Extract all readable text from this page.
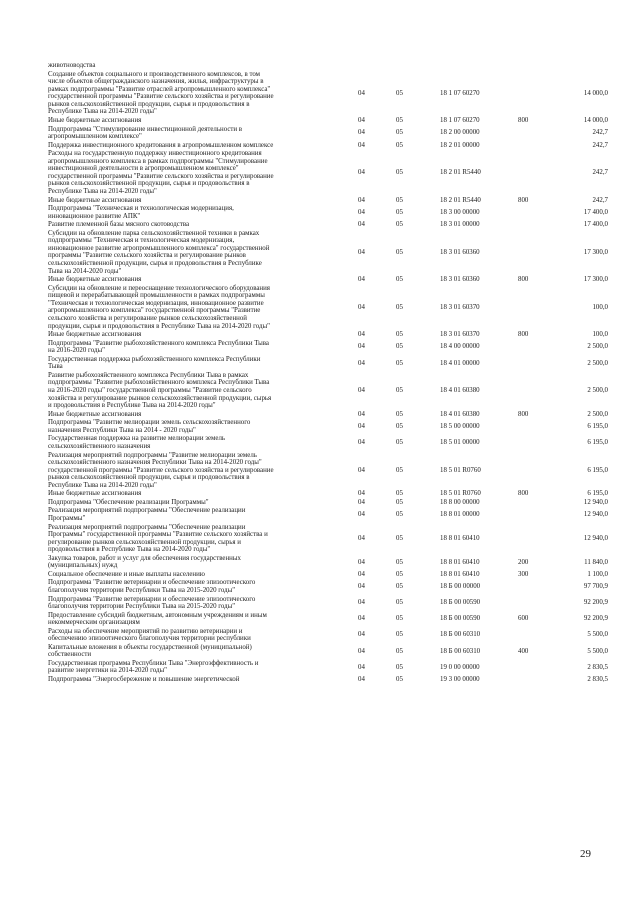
животноводства
Создание объектов социального и производственного комплексов, в том
числе объектов общегражданского назначения, жилья, инфраструктуры в
рамках подпрограммы "Развитие отраслей агропромышленного комплекса"
государственной программы "Развитие сельского хозяйства и регулирование
рынков сельскохозяйственной продукции, сырья и продовольствия в
Республике Тыва на 2014-2020 годы"
04	05	18 1 07 60270	14 000,0
Иные бюджетные ассигнования	04	05	18 1 07 60270	800	14 000,0
Подпрограмма "Стимулирование инвестиционной деятельности в
агропромышленном комплексе"
04	05	18 2 00 00000	242,7
Поддержка инвестиционного кредитования в агропромышленном комплексе	04	05	18 2 01 00000	242,7
Расходы на государственную поддержку инвестиционного кредитования
агропромышленного комплекса в рамках подпрограммы "Стимулирование
инвестиционной деятельности в агропромышленном комплексе"
государственной программы "Развитие сельского хозяйства и регулирование
рынков сельскохозяйственной продукции, сырья и продовольствия в
Республике Тыва на 2014-2020 годы"
04	05	18 2 01 R5440	242,7
Иные бюджетные ассигнования	04	05	18 2 01 R5440	800	242,7
Подпрограмма "Техническая и технологическая модернизация,
инновационное развитие АПК"
04	05	18 3 00 00000	17 400,0
Развитие племенной базы мясного скотоводства	04	05	18 3 01 00000	17 400,0
Субсидии на обновление парка сельскохозяйственной техники в рамках
подпрограммы "Техническая и технологическая модернизация,
инновационное развитие агропромышленного комплекса" государственной
программы "Развитие сельского хозяйства и регулирование рынков
сельскохозяйственной продукции, сырья и продовольствия в Республике
Тыва на 2014-2020 годы"
04	05	18 3 01 60360	17 300,0
Иные бюджетные ассигнования	04	05	18 3 01 60360	800	17 300,0
Субсидии на обновление и переоснащение технологического оборудования
пищевой и перерабатывающей промышленности в рамках подпрограммы
"Техническая и технологическая модернизация, инновационное развитие
агропромышленного комплекса" государственной программы "Развитие
сельского хозяйства и регулирование рынков сельскохозяйственной
продукции, сырья и продовольствия в Республике Тыва на 2014-2020 годы"
04	05	18 3 01 60370	100,0
Иные бюджетные ассигнования	04	05	18 3 01 60370	800	100,0
Подпрограмма "Развитие рыбохозяйственного комплекса Республики Тыва
на 2016-2020 годы"
04	05	18 4 00 00000	2 500,0
Государственная поддержка рыбохозяйственного комплекса Республики
Тыва
04	05	18 4 01 00000	2 500,0
Развитие рыбохозяйственного комплекса Республики Тыва в рамках
подпрограммы "Развитие рыбохозяйственного комплекса Республики Тыва
на 2016-2020 годы" государственной программы "Развитие сельского
хозяйства и регулирование рынков сельскохозяйственной продукции, сырья
и продовольствия в Республике Тыва на 2014-2020 годы"
04	05	18 4 01 60380	2 500,0
Иные бюджетные ассигнования	04	05	18 4 01 60380	800	2 500,0
Подпрограмма "Развитие мелиорации земель сельскохозяйственного
назначения Республики Тыва на 2014 - 2020 годы"
04	05	18 5 00 00000	6 195,0
Государственная поддержка на развитие мелиорации земель
сельскохозяйственного назначения
04	05	18 5 01 00000	6 195,0
Реализация мероприятий подпрограммы "Развитие мелиорации земель
сельскохозяйственного назначения Республики Тыва на 2014-2020 годы"
государственной программы "Развитие сельского хозяйства и регулирование
рынков сельскохозяйственной продукции, сырья и продовольствия в
Республике Тыва на 2014-2020 годы"
04	05	18 5 01 R0760	6 195,0
Иные бюджетные ассигнования	04	05	18 5 01 R0760	800	6 195,0
Подпрограмма "Обеспечение реализации Программы"	04	05	18 8 00 00000	12 940,0
Реализация мероприятий подпрограммы "Обеспечение реализации
Программы"
04	05	18 8 01 00000	12 940,0
Реализация мероприятий подпрограммы "Обеспечение реализации
Программы" государственной программы "Развитие сельского хозяйства и
регулирование рынков сельскохозяйственной продукции, сырья и
продовольствия в Республике Тыва на 2014-2020 годы"
04	05	18 8 01 60410	12 940,0
Закупка товаров, работ и услуг для обеспечения государственных
(муниципальных) нужд
04	05	18 8 01 60410	200	11 840,0
Социальное обеспечение и иные выплаты населению	04	05	18 8 01 60410	300	1 100,0
Подпрограмма "Развитие ветеринарии и обеспечение эпизоотического
благополучия территории Республики Тыва на 2015-2020 годы"
04	05	18 Б 00 00000	97 700,9
Подпрограмма "Развитие ветеринарии и обеспечение эпизоотического
благополучия территории Республики Тыва на 2015-2020 годы"
04	05	18 Б 00 00590	92 200,9
Предоставление субсидий бюджетным, автономным учреждениям и иным
некоммерческим организациям
04	05	18 Б 00 00590	600	92 200,9
Расходы на обеспечение мероприятий по развитию ветеринарии и
обеспечению эпизоотического благополучия территории республики
04	05	18 Б 00 60310	5 500,0
Капитальные вложения в объекты государственной (муниципальной)
собственности
04	05	18 Б 00 60310	400	5 500,0
Государственная программа Республики Тыва "Энергоэффективность и
развитие энергетики на 2014-2020 годы"
04	05	19 0 00 00000	2 830,5
Подпрограмма "Энергосбережение и повышение энергетической	04	05	19 3 00 00000	2 830,5
29
